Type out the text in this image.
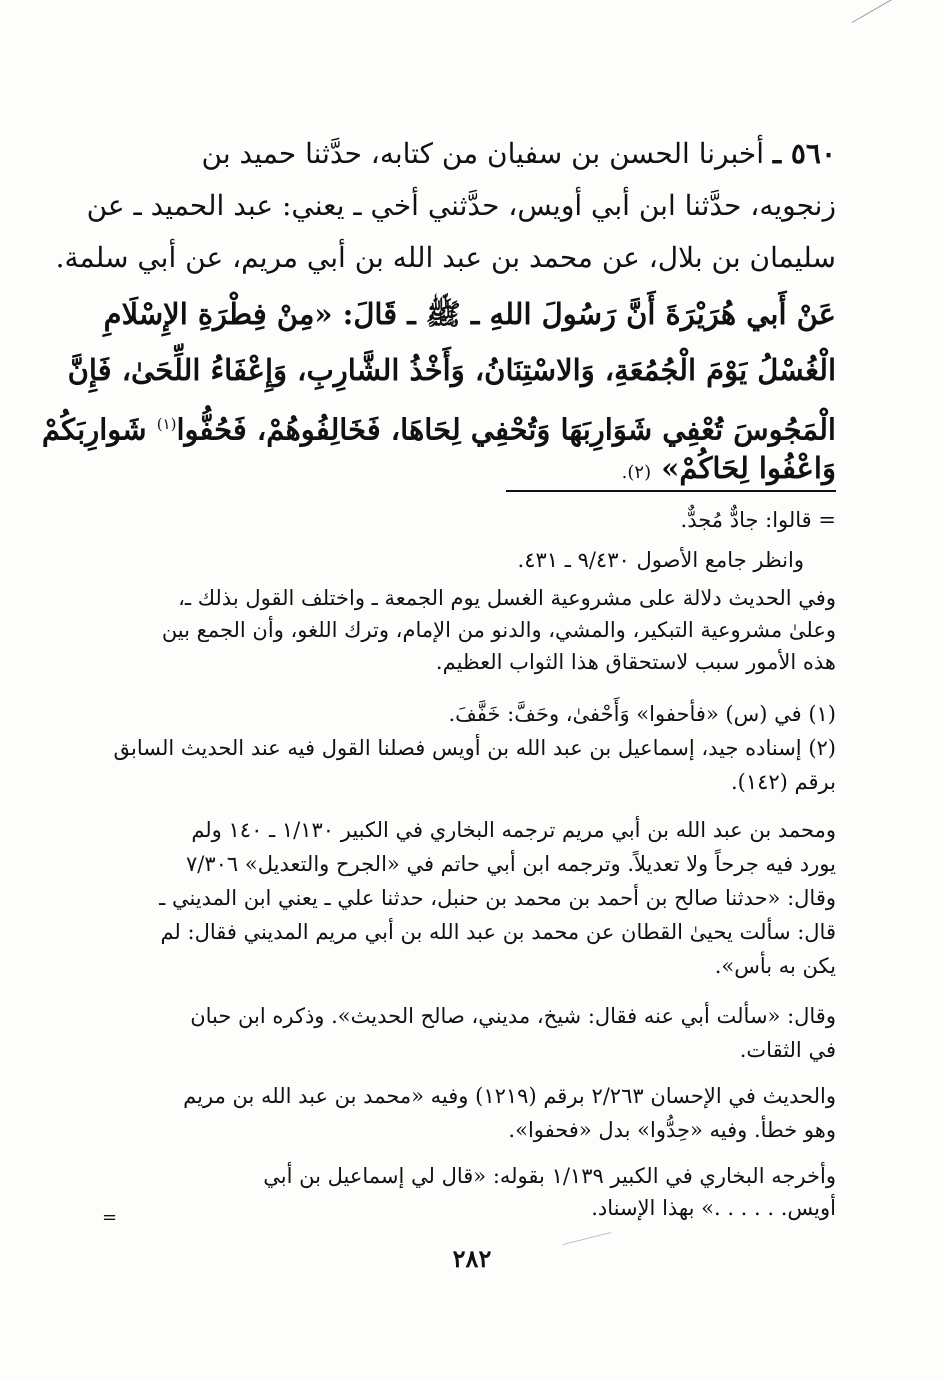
٥٦٠ ـ أخبرنا الحسن بن سفيان من كتابه، حدَّثنا حميد بن
زنجويه، حدَّثنا ابن أبي أويس، حدَّثني أخي ـ يعني: عبد الحميد ـ عن
سليمان بن بلال، عن محمد بن عبد الله بن أبي مريم، عن أبي سلمة.
عَنْ أَبي هُرَيْرَةَ أَنَّ رَسُولَ اللهِ ـ ﷺ ـ قَالَ: «مِنْ فِطْرَةِ الإِسْلَامِ
الْغُسْلُ يَوْمَ الْجُمُعَةِ، وَالاسْتِنَانُ، وَأَخْذُ الشَّارِبِ، وَإِعْفَاءُ اللِّحَىٰ، فَإِنَّ
الْمَجُوسَ تُعْفِي شَوَارِبَهَا وَتُحْفِي لِحَاهَا، فَخَالِفُوهُمْ، فَحُفُّوا$^{(١)}$ شَوارِبَكُمْ
وَاعْفُوا لِحَاكُمْ» (٢).
= قالوا: جادٌّ مُجدٌّ.
وانظر جامع الأصول ٩/٤٣٠ ـ ٤٣١.
وفي الحديث دلالة على مشروعية الغسل يوم الجمعة ـ واختلف القول بذلك ـ،
وعلىٰ مشروعية التبكير، والمشي، والدنو من الإمام، وترك اللغو، وأن الجمع بين
هذه الأمور سبب لاستحقاق هذا الثواب العظيم.
(١) في (س) «فأحفوا» وَأَحْفىٰ، وحَفَّ: خَفَّفَ.
(٢) إسناده جيد، إسماعيل بن عبد الله بن أويس فصلنا القول فيه عند الحديث السابق
برقم (١٤٢).
ومحمد بن عبد الله بن أبي مريم ترجمه البخاري في الكبير ١/١٣٠ ـ ١٤٠ ولم
يورد فيه جرحاً ولا تعديلاً. وترجمه ابن أبي حاتم في «الجرح والتعديل» ٧/٣٠٦
وقال: «حدثنا صالح بن أحمد بن محمد بن حنبل، حدثنا علي ـ يعني ابن المديني ـ
قال: سألت يحيىٰ القطان عن محمد بن عبد الله بن أبي مريم المديني فقال: لم
يكن به بأس».
وقال: «سألت أبي عنه فقال: شيخ، مديني، صالح الحديث». وذكره ابن حبان
في الثقات.
والحديث في الإحسان ٢/٢٦٣ برقم (١٢١٩) وفيه «محمد بن عبد الله بن مريم
وهو خطأ. وفيه «حِدُّوا» بدل «فحفوا».
وأخرجه البخاري في الكبير ١/١٣٩ بقوله: «قال لي إسماعيل بن أبي
أويس. . . . . .» بهذا الإسناد.
=
٢٨٢
